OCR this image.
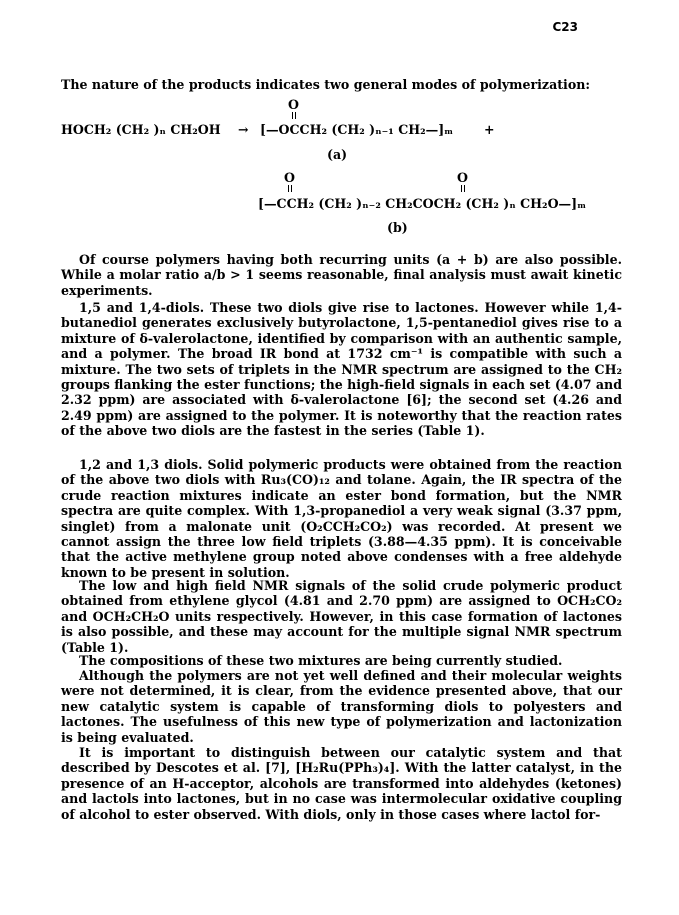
C23
The nature of the products indicates two general modes of polymerization:
O
HOCH₂ (CH₂ )ₙ CH₂OH → [—OCCH₂ (CH₂ )ₙ₋₁ CH₂—]ₘ +
(a)
O	O
[—CCH₂ (CH₂ )ₙ₋₂ CH₂COCH₂ (CH₂ )ₙ CH₂O—]ₘ
(b)
Of course polymers having both recurring units (a + b) are also possible. While a molar ratio a/b > 1 seems reasonable, final analysis must await kinetic experiments.
1,5 and 1,4-diols. These two diols give rise to lactones. However while 1,4-butanediol generates exclusively butyrolactone, 1,5-pentanediol gives rise to a mixture of δ-valerolactone, identified by comparison with an authentic sample, and a polymer. The broad IR bond at 1732 cm⁻¹ is compatible with such a mixture. The two sets of triplets in the NMR spectrum are assigned to the CH₂ groups flanking the ester functions; the high-field signals in each set (4.07 and 2.32 ppm) are associated with δ-valerolactone [6]; the second set (4.26 and 2.49 ppm) are assigned to the polymer. It is noteworthy that the reaction rates of the above two diols are the fastest in the series (Table 1).
1,2 and 1,3 diols. Solid polymeric products were obtained from the reaction of the above two diols with Ru₃(CO)₁₂ and tolane. Again, the IR spectra of the crude reaction mixtures indicate an ester bond formation, but the NMR spectra are quite complex. With 1,3-propanediol a very weak signal (3.37 ppm, singlet) from a malonate unit (O₂CCH₂CO₂) was recorded. At present we cannot assign the three low field triplets (3.88—4.35 ppm). It is conceivable that the active methylene group noted above condenses with a free aldehyde known to be present in solution.
The low and high field NMR signals of the solid crude polymeric product obtained from ethylene glycol (4.81 and 2.70 ppm) are assigned to OCH₂CO₂ and OCH₂CH₂O units respectively. However, in this case formation of lactones is also possible, and these may account for the multiple signal NMR spectrum (Table 1).
The compositions of these two mixtures are being currently studied.
Although the polymers are not yet well defined and their molecular weights were not determined, it is clear, from the evidence presented above, that our new catalytic system is capable of transforming diols to polyesters and lactones. The usefulness of this new type of polymerization and lactonization is being evaluated.
It is important to distinguish between our catalytic system and that described by Descotes et al. [7], [H₂Ru(PPh₃)₄]. With the latter catalyst, in the presence of an H-acceptor, alcohols are transformed into aldehydes (ketones) and lactols into lactones, but in no case was intermolecular oxidative coupling of alcohol to ester observed. With diols, only in those cases where lactol for-
